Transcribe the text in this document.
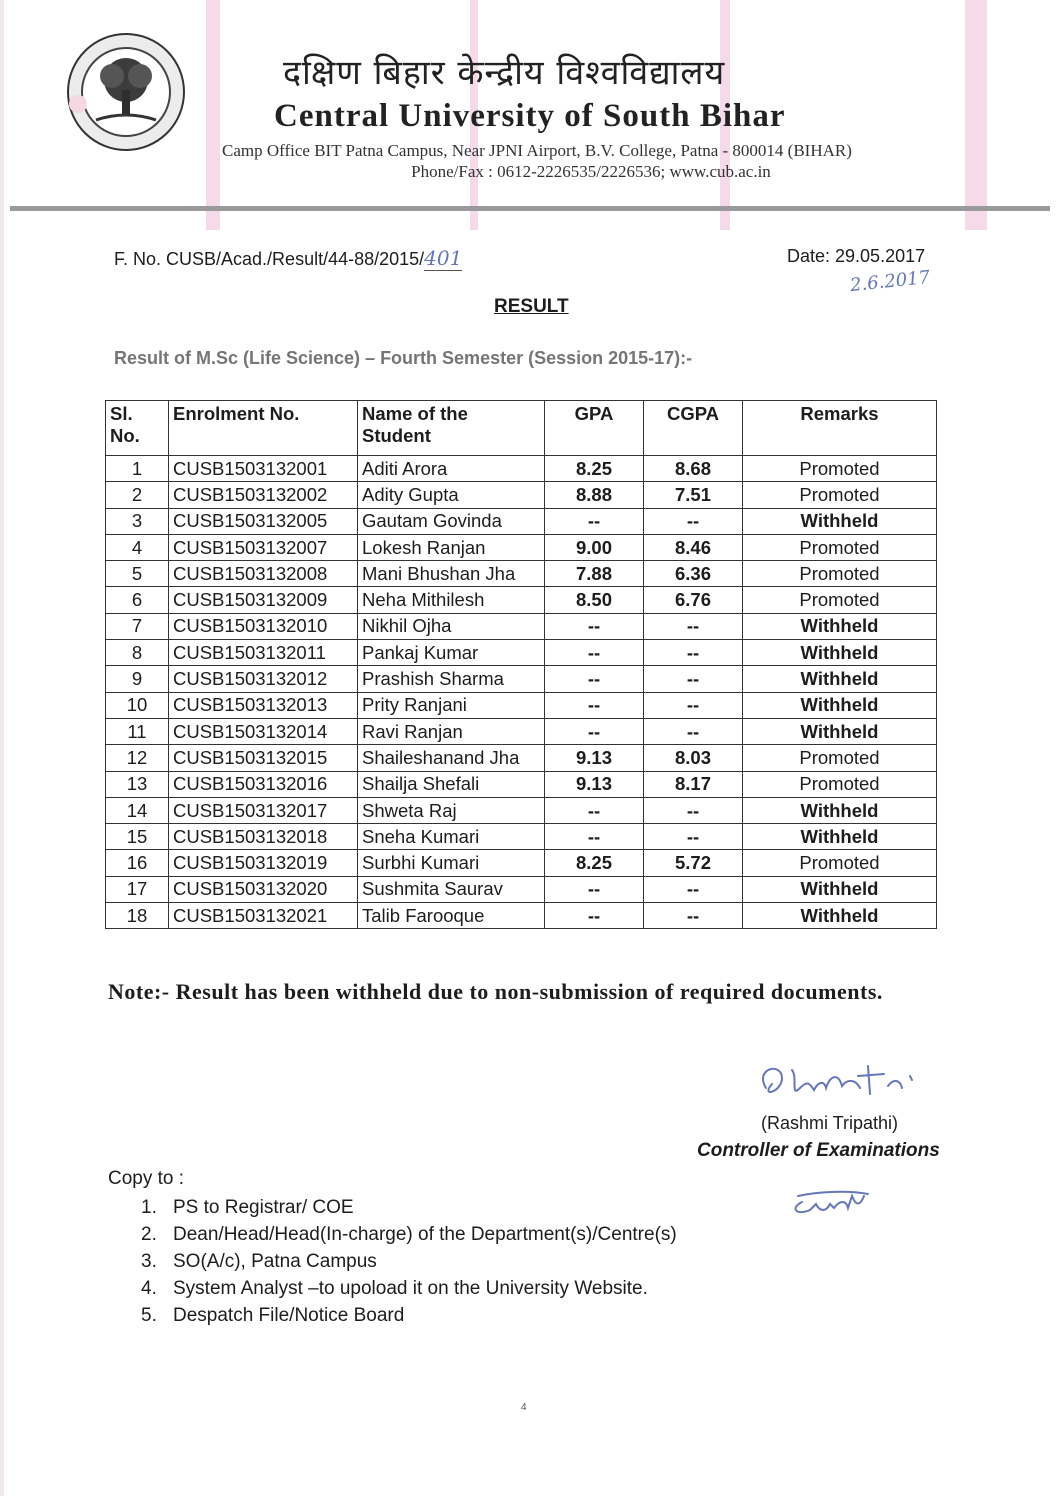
दक्षिण बिहार केन्द्रीय विश्वविद्यालय
Central University of South Bihar
Camp Office BIT Patna Campus, Near JPNI Airport, B.V. College, Patna - 800014 (BIHAR)
Phone/Fax : 0612-2226535/2226536; www.cub.ac.in
F. No. CUSB/Acad./Result/44-88/2015/401	Date: 29.05.2017
2.6.2017
RESULT
Result of M.Sc (Life Science) – Fourth Semester (Session 2015-17):-
Sl. No.	Enrolment No.	Name of the Student	GPA	CGPA	Remarks
1	CUSB1503132001	Aditi Arora	8.25	8.68	Promoted
2	CUSB1503132002	Adity Gupta	8.88	7.51	Promoted
3	CUSB1503132005	Gautam Govinda	--	--	Withheld
4	CUSB1503132007	Lokesh Ranjan	9.00	8.46	Promoted
5	CUSB1503132008	Mani Bhushan Jha	7.88	6.36	Promoted
6	CUSB1503132009	Neha Mithilesh	8.50	6.76	Promoted
7	CUSB1503132010	Nikhil Ojha	--	--	Withheld
8	CUSB1503132011	Pankaj Kumar	--	--	Withheld
9	CUSB1503132012	Prashish Sharma	--	--	Withheld
10	CUSB1503132013	Prity Ranjani	--	--	Withheld
11	CUSB1503132014	Ravi Ranjan	--	--	Withheld
12	CUSB1503132015	Shaileshanand Jha	9.13	8.03	Promoted
13	CUSB1503132016	Shailja Shefali	9.13	8.17	Promoted
14	CUSB1503132017	Shweta Raj	--	--	Withheld
15	CUSB1503132018	Sneha Kumari	--	--	Withheld
16	CUSB1503132019	Surbhi Kumari	8.25	5.72	Promoted
17	CUSB1503132020	Sushmita Saurav	--	--	Withheld
18	CUSB1503132021	Talib Farooque	--	--	Withheld
Note:- Result has been withheld due to non-submission of required documents.
(Rashmi Tripathi)
Controller of Examinations
Copy to :
1. PS to Registrar/ COE
2. Dean/Head/Head(In-charge) of the Department(s)/Centre(s)
3. SO(A/c), Patna Campus
4. System Analyst –to upoload it on the University Website.
5. Despatch File/Notice Board
4
